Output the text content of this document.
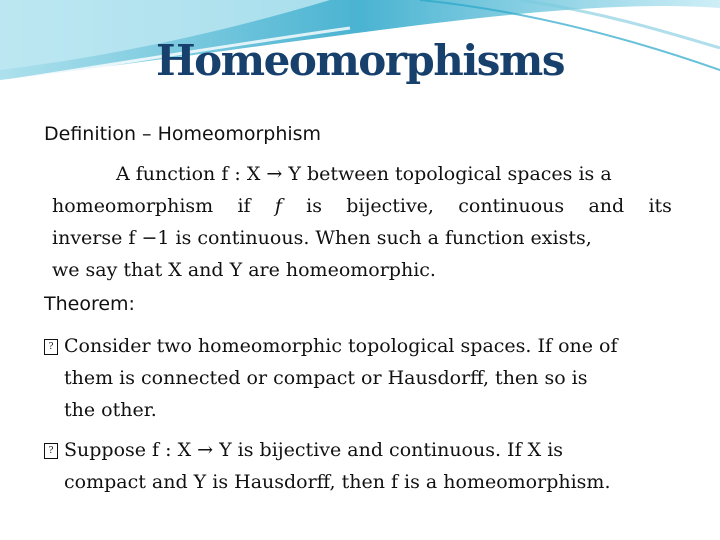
Homeomorphisms
Definition – Homeomorphism
A function f : X → Y between topological spaces is a
homeomorphism if f is bijective, continuous and its
inverse f −1 is continuous. When such a function exists,
we say that X and Y are homeomorphic.
Theorem:
? Consider two homeomorphic topological spaces. If one of
them is connected or compact or Hausdorff, then so is
the other.
? Suppose f : X → Y is bijective and continuous. If X is
compact and Y is Hausdorff, then f is a homeomorphism.
